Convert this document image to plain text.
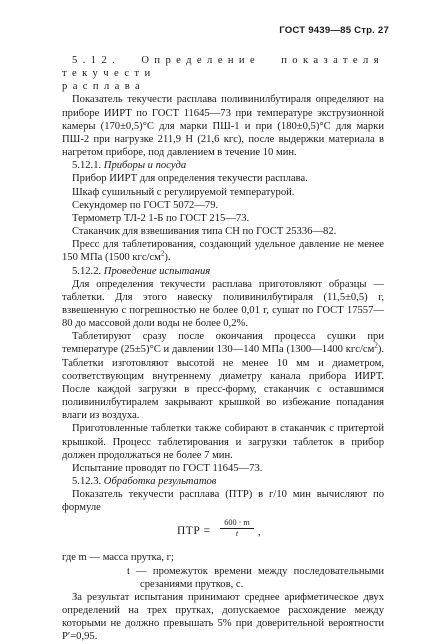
ГОСТ 9439—85 Стр. 27

5.12. Определение показателя текучести

расплава

Показатель текучести расплава поливинилбутираля определяют на приборе ИИРТ по ГОСТ 11645—73 при температуре экструзионной камеры (170±0,5)°С для марки ПШ-1 и при (180±0,5)°С для марки ПШ-2 при нагрузке 211,9 Н (21,6 кгс), после выдержки материала в нагретом приборе, под давлением в течение 10 мин.

5.12.1. Приборы и посуда

Прибор ИИРТ для определения текучести расплава.

Шкаф сушильный с регулируемой температурой.

Секундомер по ГОСТ 5072—79.

Термометр ТЛ-2 1-Б по ГОСТ 215—73.

Стаканчик для взвешивания типа СН по ГОСТ 25336—82.

Пресс для таблетирования, создающий удельное давление не менее 150 МПа (1500 кгс/$см^2$).

5.12.2. Проведение испытания

Для определения текучести расплава приготовляют образцы — таблетки. Для этого навеску поливинилбутираля (11,5±0,5) г, взвешенную с погрешностью не более 0,01 г, сушат по ГОСТ 17557—80 до массовой доли воды не более 0,2%.

Таблетируют сразу после окончания процесса сушки при температуре (25±5)°С и давлении 130—140 МПа (1300—1400 кгс/$см^2$). Таблетки изготовляют высотой не менее 10 мм и диаметром, соответствующим внутреннему диаметру канала прибора ИИРТ. После каждой загрузки в пресс-форму, стаканчик с оставшимся поливинилбутиралем закрывают крышкой во избежание попадания влаги из воздуха.

Приготовленные таблетки также собирают в стаканчик с притертой крышкой. Процесс таблетирования и загрузки таблеток в прибор должен продолжаться не более 7 мин.

Испытание проводят по ГОСТ 11645—73.

5.12.3. Обработка результатов

Показатель текучести расплава (ПТР) в г/10 мин вычисляют по формуле

ПТР = $\frac{600 \cdot m}{t}$ ,

где m — масса прутка, г;

t — промежуток времени между последовательными срезаниями прутков, с.

За результат испытания принимают среднее арифметическое двух определений на трех прутках, допускаемое расхождение между которыми не должно превышать 5% при доверительной вероятности Р′=0,95.
